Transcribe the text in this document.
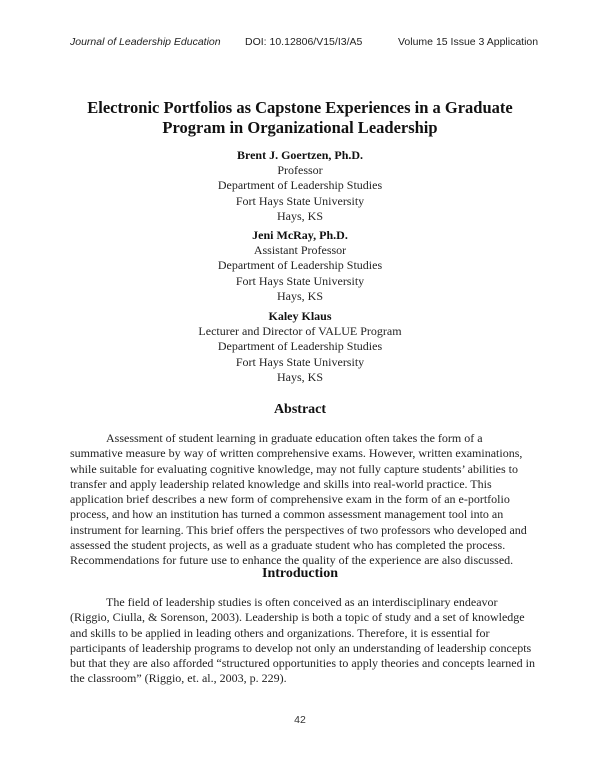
Journal of Leadership Education DOI: 10.12806/V15/I3/A5	Volume 15 Issue 3 Application
Electronic Portfolios as Capstone Experiences in a Graduate
Program in Organizational Leadership
Brent J. Goertzen, Ph.D.
Professor
Department of Leadership Studies
Fort Hays State University
Hays, KS
Jeni McRay, Ph.D.
Assistant Professor
Department of Leadership Studies
Fort Hays State University
Hays, KS
Kaley Klaus
Lecturer and Director of VALUE Program
Department of Leadership Studies
Fort Hays State University
Hays, KS
Abstract
Assessment of student learning in graduate education often takes the form of a
summative measure by way of written comprehensive exams. However, written examinations,
while suitable for evaluating cognitive knowledge, may not fully capture students’ abilities to
transfer and apply leadership related knowledge and skills into real-world practice. This
application brief describes a new form of comprehensive exam in the form of an e-portfolio
process, and how an institution has turned a common assessment management tool into an
instrument for learning. This brief offers the perspectives of two professors who developed and
assessed the student projects, as well as a graduate student who has completed the process.
Recommendations for future use to enhance the quality of the experience are also discussed.
Introduction
The field of leadership studies is often conceived as an interdisciplinary endeavor
(Riggio, Ciulla, & Sorenson, 2003). Leadership is both a topic of study and a set of knowledge
and skills to be applied in leading others and organizations. Therefore, it is essential for
participants of leadership programs to develop not only an understanding of leadership concepts
but that they are also afforded “structured opportunities to apply theories and concepts learned in
the classroom” (Riggio, et. al., 2003, p. 229).
42
